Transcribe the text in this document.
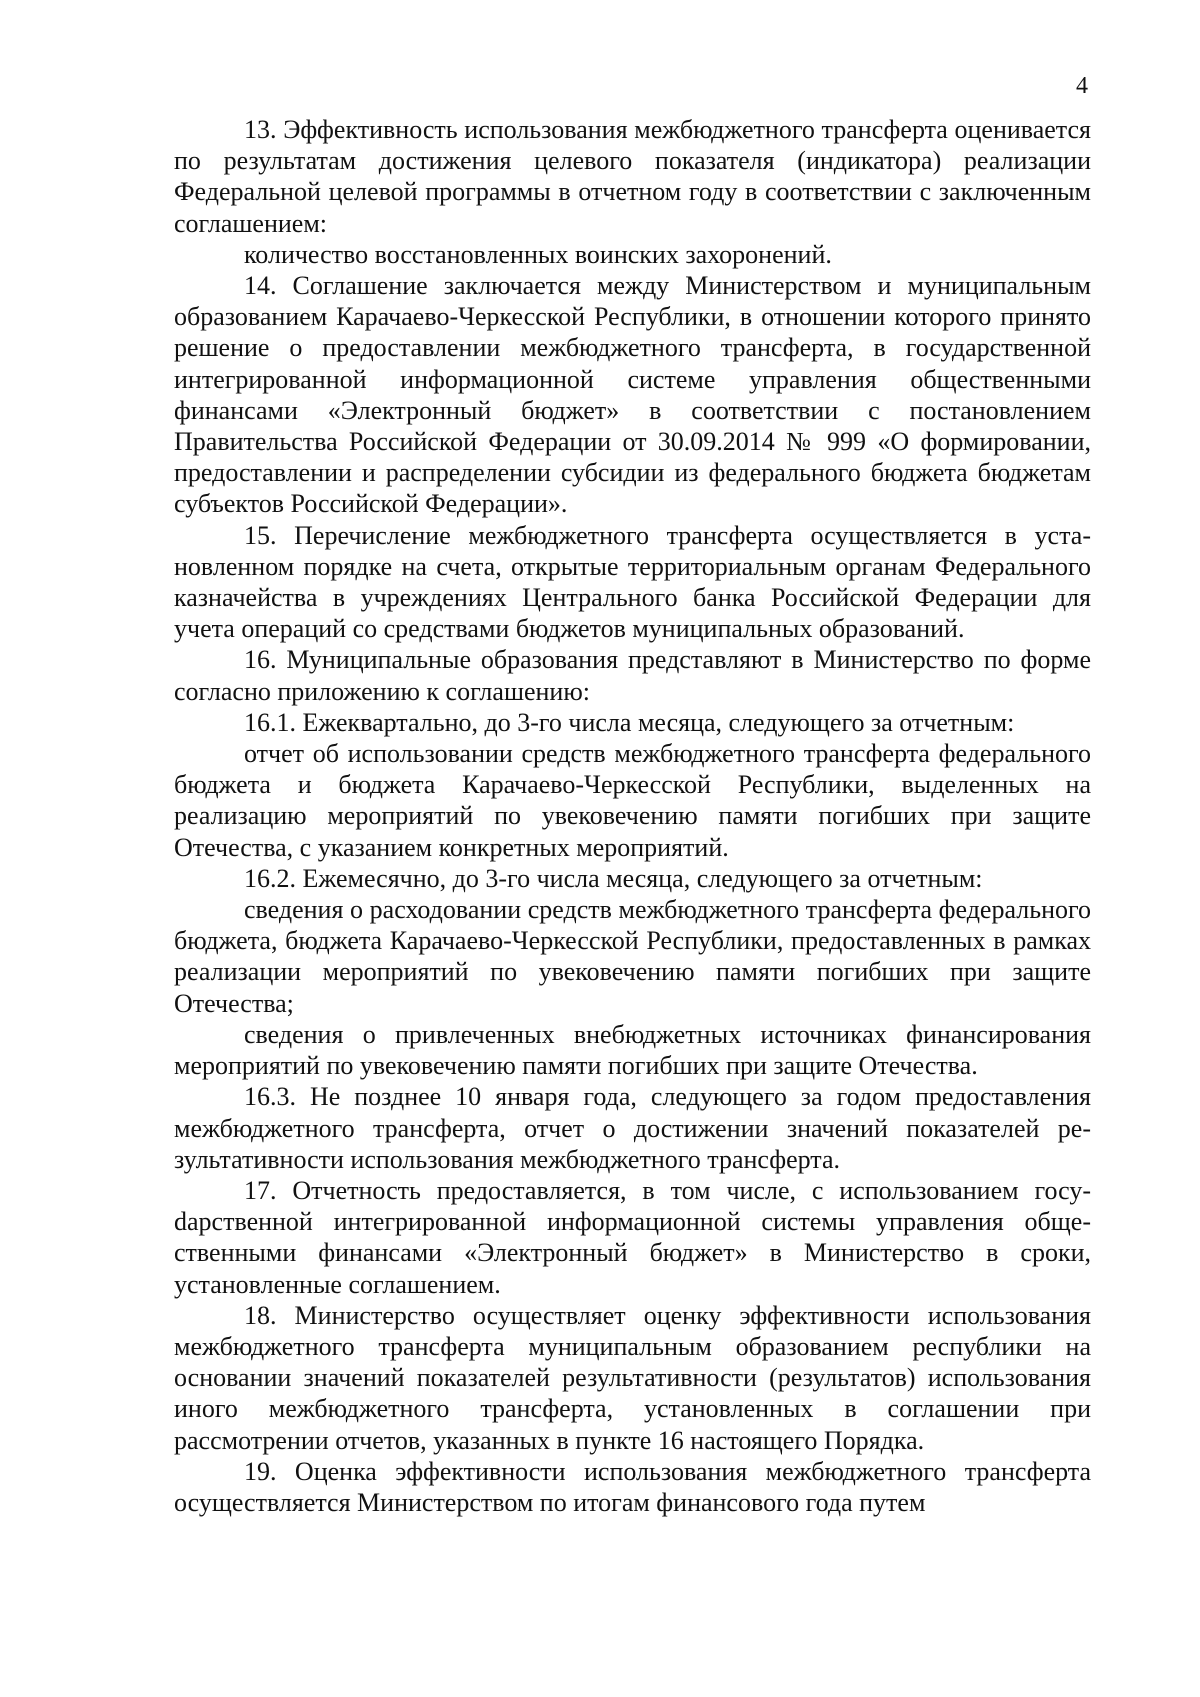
4

13. Эффективность использования межбюджетного трансферта оценивается по результатам достижения целевого показателя (индикатора) реализации Федеральной целевой программы в отчетном году в соответствии с заключенным соглашением:

количество восстановленных воинских захоронений.

14. Соглашение заключается между Министерством и муниципальным образованием Карачаево-Черкесской Республики, в отношении которого принято решение о предоставлении межбюджетного трансферта, в государственной интегрированной информационной системе управления общественными финансами «Электронный бюджет» в соответствии с постановлением Правительства Российской Федерации от 30.09.2014 № 999 «О формировании, предоставлении и распределении субсидии из федерального бюджета бюджетам субъектов Российской Федерации».

15. Перечисление межбюджетного трансферта осуществляется в установленном порядке на счета, открытые территориальным органам Федерального казначейства в учреждениях Центрального банка Российской Федерации для учета операций со средствами бюджетов муниципальных образований.

16. Муниципальные образования представляют в Министерство по форме согласно приложению к соглашению:

16.1. Ежеквартально, до 3-го числа месяца, следующего за отчетным:

отчет об использовании средств межбюджетного трансферта федерального бюджета и бюджета Карачаево-Черкесской Республики, выделенных на реализацию мероприятий по увековечению памяти погибших при защите Отечества, с указанием конкретных мероприятий.

16.2. Ежемесячно, до 3-го числа месяца, следующего за отчетным:

сведения о расходовании средств межбюджетного трансферта федерального бюджета, бюджета Карачаево-Черкесской Республики, предоставленных в рамках реализации мероприятий по увековечению памяти погибших при защите Отечества;

сведения о привлеченных внебюджетных источниках финансирования мероприятий по увековечению памяти погибших при защите Отечества.

16.3. Не позднее 10 января года, следующего за годом предоставления межбюджетного трансферта, отчет о достижении значений показателей результативности использования межбюджетного трансферта.

17. Отчетность предоставляется, в том числе, с использованием госуdарственной интегрированной информационной системы управления общественными финансами «Электронный бюджет» в Министерство в сроки, установленные соглашением.

18. Министерство осуществляет оценку эффективности использования межбюджетного трансферта муниципальным образованием республики на основании значений показателей результативности (результатов) использования иного межбюджетного трансферта, установленных в соглашении при рассмотрении отчетов, указанных в пункте 16 настоящего Порядка.

19. Оценка эффективности использования межбюджетного трансферта осуществляется Министерством по итогам финансового года путем
